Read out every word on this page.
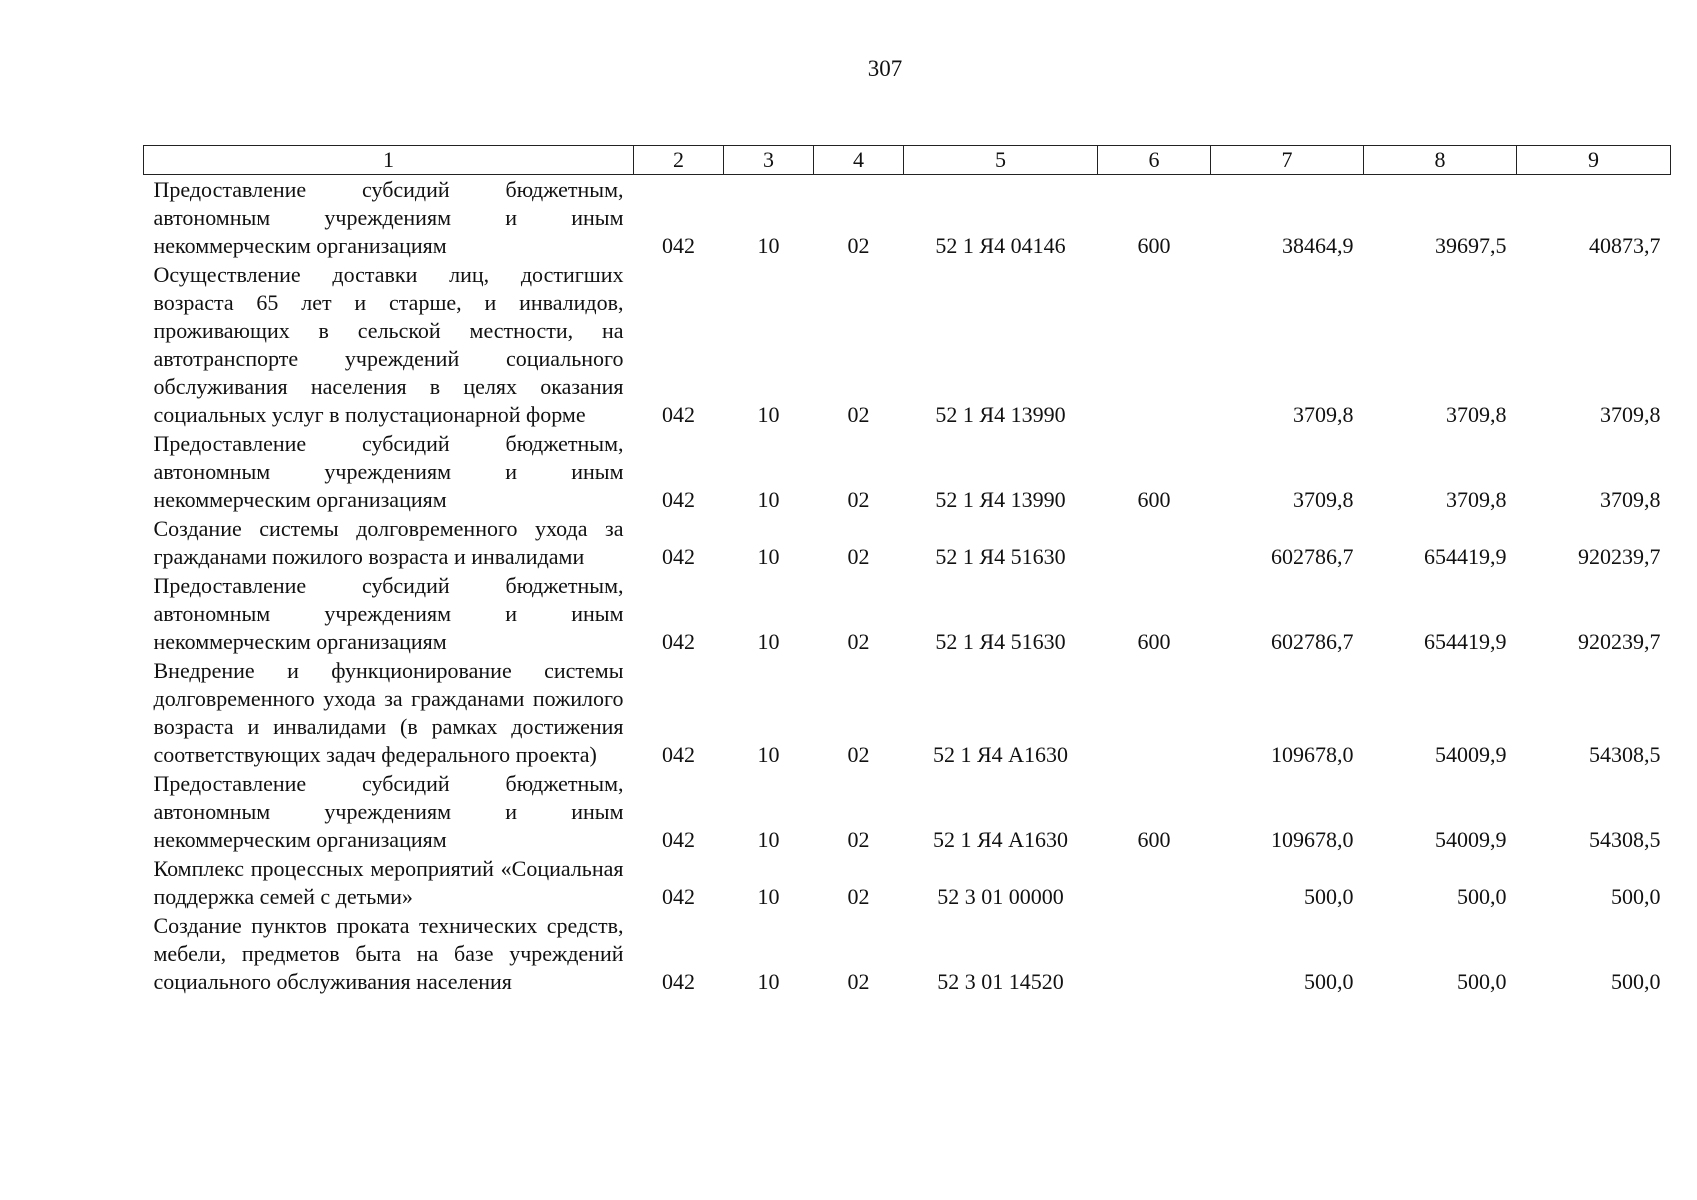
307
1	2	3	4	5	6	7	8	9
Предоставление субсидий бюджетным, автономным учреждениям и иным некоммерческим организациям	042	10	02	52 1 Я4 04146	600	38464,9	39697,5	40873,7
Осуществление доставки лиц, достигших возраста 65 лет и старше, и инвалидов, проживающих в сельской местности, на автотранспорте учреждений социального обслуживания населения в целях оказания социальных услуг в полустационарной форме	042	10	02	52 1 Я4 13990		3709,8	3709,8	3709,8
Предоставление субсидий бюджетным, автономным учреждениям и иным некоммерческим организациям	042	10	02	52 1 Я4 13990	600	3709,8	3709,8	3709,8
Создание системы долговременного ухода за гражданами пожилого возраста и инвалидами	042	10	02	52 1 Я4 51630		602786,7	654419,9	920239,7
Предоставление субсидий бюджетным, автономным учреждениям и иным некоммерческим организациям	042	10	02	52 1 Я4 51630	600	602786,7	654419,9	920239,7
Внедрение и функционирование системы долговременного ухода за гражданами пожилого возраста и инвалидами (в рамках достижения соответствующих задач федерального проекта)	042	10	02	52 1 Я4 А1630		109678,0	54009,9	54308,5
Предоставление субсидий бюджетным, автономным учреждениям и иным некоммерческим организациям	042	10	02	52 1 Я4 А1630	600	109678,0	54009,9	54308,5
Комплекс процессных мероприятий «Социальная поддержка семей с детьми»	042	10	02	52 3 01 00000		500,0	500,0	500,0
Создание пунктов проката технических средств, мебели, предметов быта на базе учреждений социального обслуживания населения	042	10	02	52 3 01 14520		500,0	500,0	500,0
